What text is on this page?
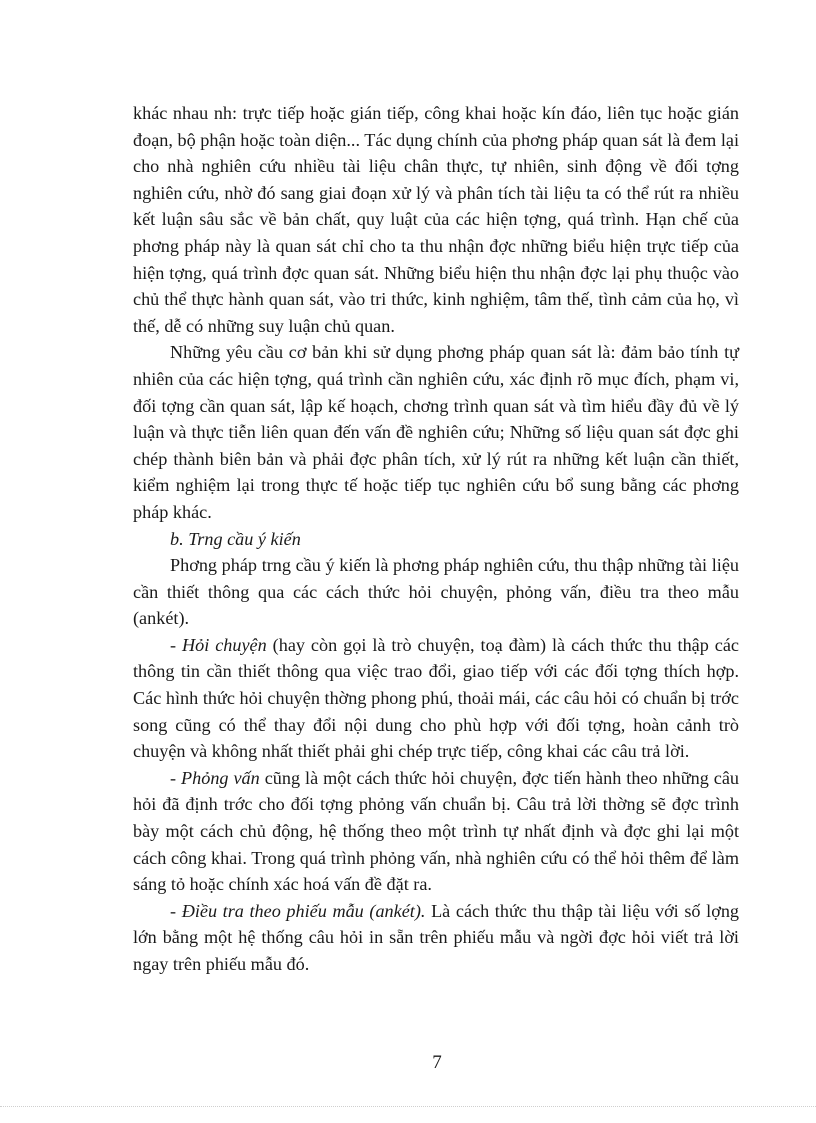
khác nhau nh: trực tiếp hoặc gián tiếp, công khai hoặc kín đáo, liên tục hoặc gián đoạn, bộ phận hoặc toàn diện... Tác dụng chính của phơng pháp quan sát là đem lại cho nhà nghiên cứu nhiều tài liệu chân thực, tự nhiên, sinh động về đối tợng nghiên cứu, nhờ đó sang giai đoạn xử lý và phân tích tài liệu ta có thể rút ra nhiều kết luận sâu sắc về bản chất, quy luật của các hiện tợng, quá trình. Hạn chế của phơng pháp này là quan sát chỉ cho ta thu nhận đợc những biểu hiện trực tiếp của hiện tợng, quá trình đợc quan sát. Những biểu hiện thu nhận đợc lại phụ thuộc vào chủ thể thực hành quan sát, vào tri thức, kinh nghiệm, tâm thế, tình cảm của họ, vì thế, dễ có những suy luận chủ quan.

Những yêu cầu cơ bản khi sử dụng phơng pháp quan sát là: đảm bảo tính tự nhiên của các hiện tợng, quá trình cần nghiên cứu, xác định rõ mục đích, phạm vi, đối tợng cần quan sát, lập kế hoạch, chơng trình quan sát và tìm hiểu đầy đủ về lý luận và thực tiễn liên quan đến vấn đề nghiên cứu; Những số liệu quan sát đợc ghi chép thành biên bản và phải đợc phân tích, xử lý rút ra những kết luận cần thiết, kiểm nghiệm lại trong thực tế hoặc tiếp tục nghiên cứu bổ sung bằng các phơng pháp khác.

b. Trng cầu ý kiến

Phơng pháp trng cầu ý kiến là phơng pháp nghiên cứu, thu thập những tài liệu cần thiết thông qua các cách thức hỏi chuyện, phỏng vấn, điều tra theo mẫu (ankét).

- Hỏi chuyện (hay còn gọi là trò chuyện, toạ đàm) là cách thức thu thập các thông tin cần thiết thông qua việc trao đổi, giao tiếp với các đối tợng thích hợp. Các hình thức hỏi chuyện thờng phong phú, thoải mái, các câu hỏi có chuẩn bị trớc song cũng có thể thay đổi nội dung cho phù hợp với đối tợng, hoàn cảnh trò chuyện và không nhất thiết phải ghi chép trực tiếp, công khai các câu trả lời.

- Phỏng vấn cũng là một cách thức hỏi chuyện, đợc tiến hành theo những câu hỏi đã định trớc cho đối tợng phỏng vấn chuẩn bị. Câu trả lời thờng sẽ đợc trình bày một cách chủ động, hệ thống theo một trình tự nhất định và đợc ghi lại một cách công khai. Trong quá trình phỏng vấn, nhà nghiên cứu có thể hỏi thêm để làm sáng tỏ hoặc chính xác hoá vấn đề đặt ra.

- Điều tra theo phiếu mẫu (ankét). Là cách thức thu thập tài liệu với số lợng lớn bằng một hệ thống câu hỏi in sẵn trên phiếu mẫu và ngời đợc hỏi viết trả lời ngay trên phiếu mẫu đó.

7
